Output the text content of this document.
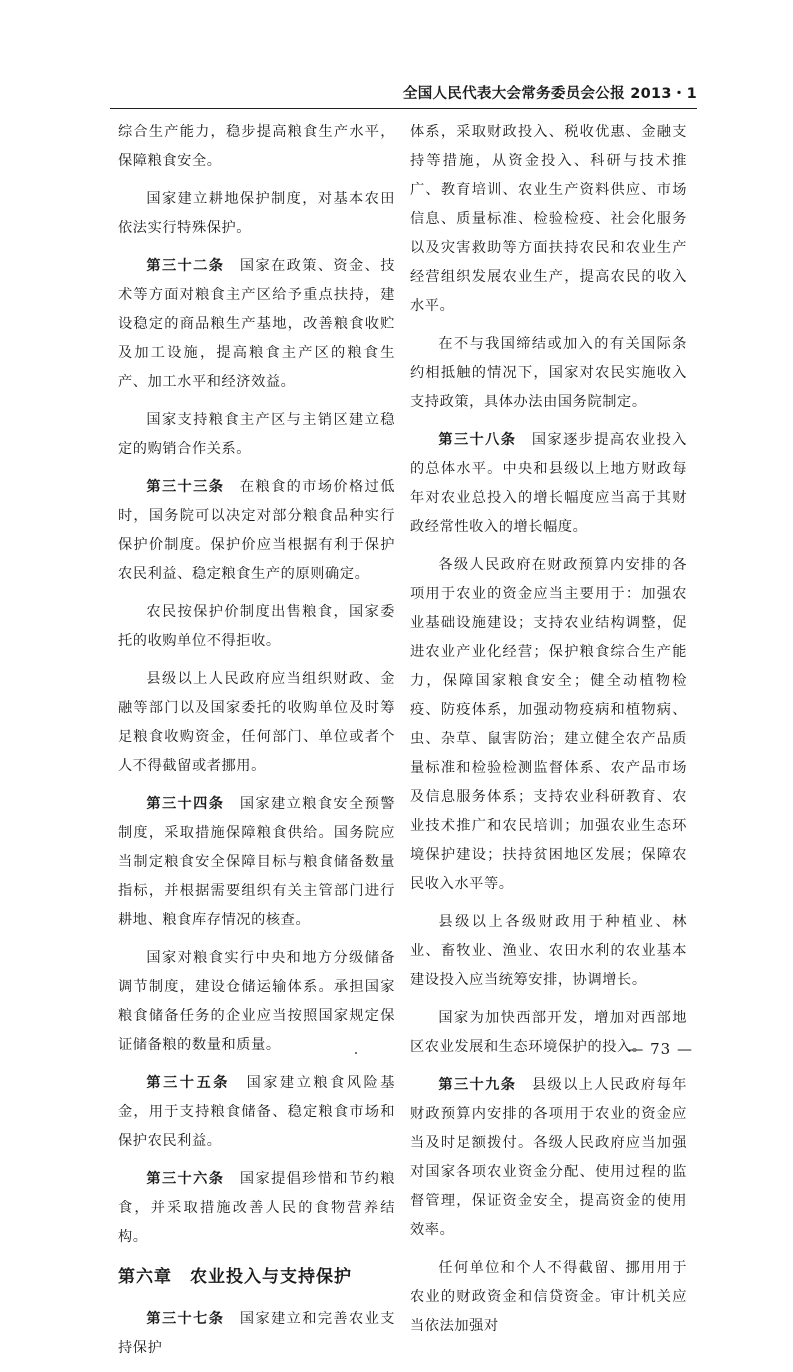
全国人民代表大会常务委员会公报 2013・1

综合生产能力，稳步提高粮食生产水平，保障粮食安全。

国家建立耕地保护制度，对基本农田依法实行特殊保护。

第三十二条　 国家在政策、资金、技术等方面对粮食主产区给予重点扶持，建设稳定的商品粮生产基地，改善粮食收贮及加工设施，提高粮食主产区的粮食生产、加工水平和经济效益。

国家支持粮食主产区与主销区建立稳定的购销合作关系。

第三十三条　 在粮食的市场价格过低时，国务院可以决定对部分粮食品种实行保护价制度。保护价应当根据有利于保护农民利益、稳定粮食生产的原则确定。

农民按保护价制度出售粮食，国家委托的收购单位不得拒收。

县级以上人民政府应当组织财政、金融等部门以及国家委托的收购单位及时筹足粮食收购资金，任何部门、单位或者个人不得截留或者挪用。

第三十四条　 国家建立粮食安全预警制度，采取措施保障粮食供给。国务院应当制定粮食安全保障目标与粮食储备数量指标，并根据需要组织有关主管部门进行耕地、粮食库存情况的核查。

国家对粮食实行中央和地方分级储备调节制度，建设仓储运输体系。承担国家粮食储备任务的企业应当按照国家规定保证储备粮的数量和质量。

第三十五条　 国家建立粮食风险基金，用于支持粮食储备、稳定粮食市场和保护农民利益。

第三十六条　 国家提倡珍惜和节约粮食，并采取措施改善人民的食物营养结构。

第六章　农业投入与支持保护

第三十七条　 国家建立和完善农业支持保护

体系，采取财政投入、税收优惠、金融支持等措施，从资金投入、科研与技术推广、教育培训、农业生产资料供应、市场信息、质量标准、检验检疫、社会化服务以及灾害救助等方面扶持农民和农业生产经营组织发展农业生产，提高农民的收入水平。

在不与我国缔结或加入的有关国际条约相抵触的情况下，国家对农民实施收入支持政策，具体办法由国务院制定。

第三十八条　 国家逐步提高农业投入的总体水平。中央和县级以上地方财政每年对农业总投入的增长幅度应当高于其财政经常性收入的增长幅度。

各级人民政府在财政预算内安排的各项用于农业的资金应当主要用于：加强农业基础设施建设；支持农业结构调整，促进农业产业化经营；保护粮食综合生产能力，保障国家粮食安全；健全动植物检疫、防疫体系，加强动物疫病和植物病、虫、杂草、鼠害防治；建立健全农产品质量标准和检验检测监督体系、农产品市场及信息服务体系；支持农业科研教育、农业技术推广和农民培训；加强农业生态环境保护建设；扶持贫困地区发展；保障农民收入水平等。

县级以上各级财政用于种植业、林业、畜牧业、渔业、农田水利的农业基本建设投入应当统筹安排，协调增长。

国家为加快西部开发，增加对西部地区农业发展和生态环境保护的投入。

第三十九条　 县级以上人民政府每年财政预算内安排的各项用于农业的资金应当及时足额拨付。各级人民政府应当加强对国家各项农业资金分配、使用过程的监督管理，保证资金安全，提高资金的使用效率。

任何单位和个人不得截留、挪用用于农业的财政资金和信贷资金。审计机关应当依法加强对

— 73 —
